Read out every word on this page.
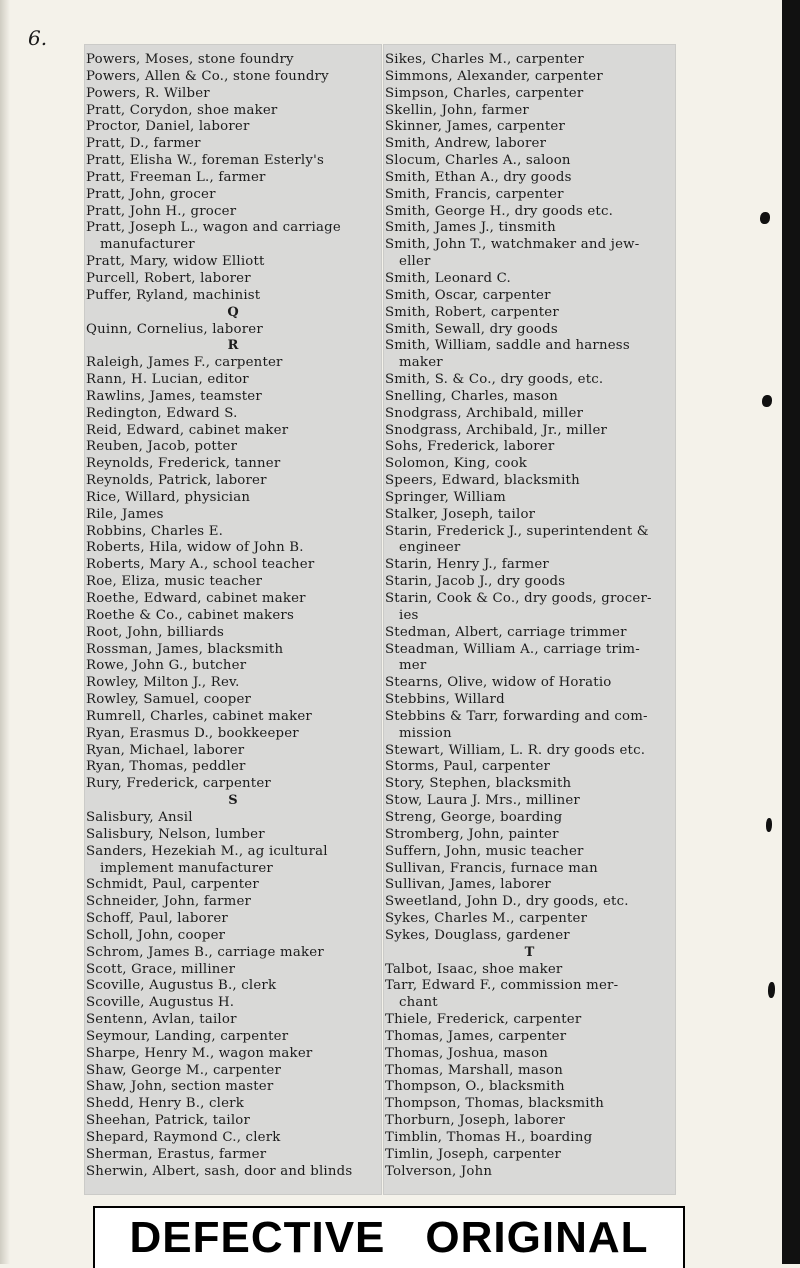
6.
Powers, Moses, stone foundry
Powers, Allen & Co., stone foundry
Powers, R. Wilber
Pratt, Corydon, shoe maker
Proctor, Daniel, laborer
Pratt, D., farmer
Pratt, Elisha W., foreman Esterly's
Pratt, Freeman L., farmer
Pratt, John, grocer
Pratt, John H., grocer
Pratt, Joseph L., wagon and carriage
manufacturer
Pratt, Mary, widow Elliott
Purcell, Robert, laborer
Puffer, Ryland, machinist
Q
Quinn, Cornelius, laborer
R
Raleigh, James F., carpenter
Rann, H. Lucian, editor
Rawlins, James, teamster
Redington, Edward S.
Reid, Edward, cabinet maker
Reuben, Jacob, potter
Reynolds, Frederick, tanner
Reynolds, Patrick, laborer
Rice, Willard, physician
Rile, James
Robbins, Charles E.
Roberts, Hila, widow of John B.
Roberts, Mary A., school teacher
Roe, Eliza, music teacher
Roethe, Edward, cabinet maker
Roethe & Co., cabinet makers
Root, John, billiards
Rossman, James, blacksmith
Rowe, John G., butcher
Rowley, Milton J., Rev.
Rowley, Samuel, cooper
Rumrell, Charles, cabinet maker
Ryan, Erasmus D., bookkeeper
Ryan, Michael, laborer
Ryan, Thomas, peddler
Rury, Frederick, carpenter
S
Salisbury, Ansil
Salisbury, Nelson, lumber
Sanders, Hezekiah M., ag icultural
implement manufacturer
Schmidt, Paul, carpenter
Schneider, John, farmer
Schoff, Paul, laborer
Scholl, John, cooper
Schrom, James B., carriage maker
Scott, Grace, milliner
Scoville, Augustus B., clerk
Scoville, Augustus H.
Sentenn, Avlan, tailor
Seymour, Landing, carpenter
Sharpe, Henry M., wagon maker
Shaw, George M., carpenter
Shaw, John, section master
Shedd, Henry B., clerk
Sheehan, Patrick, tailor
Shepard, Raymond C., clerk
Sherman, Erastus, farmer
Sherwin, Albert, sash, door and blinds
Sikes, Charles M., carpenter
Simmons, Alexander, carpenter
Simpson, Charles, carpenter
Skellin, John, farmer
Skinner, James, carpenter
Smith, Andrew, laborer
Slocum, Charles A., saloon
Smith, Ethan A., dry goods
Smith, Francis, carpenter
Smith, George H., dry goods etc.
Smith, James J., tinsmith
Smith, John T., watchmaker and jew-
eller
Smith, Leonard C.
Smith, Oscar, carpenter
Smith, Robert, carpenter
Smith, Sewall, dry goods
Smith, William, saddle and harness
maker
Smith, S. & Co., dry goods, etc.
Snelling, Charles, mason
Snodgrass, Archibald, miller
Snodgrass, Archibald, Jr., miller
Sohs, Frederick, laborer
Solomon, King, cook
Speers, Edward, blacksmith
Springer, William
Stalker, Joseph, tailor
Starin, Frederick J., superintendent &
engineer
Starin, Henry J., farmer
Starin, Jacob J., dry goods
Starin, Cook & Co., dry goods, grocer-
ies
Stedman, Albert, carriage trimmer
Steadman, William A., carriage trim-
mer
Stearns, Olive, widow of Horatio
Stebbins, Willard
Stebbins & Tarr, forwarding and com-
mission
Stewart, William, L. R. dry goods etc.
Storms, Paul, carpenter
Story, Stephen, blacksmith
Stow, Laura J. Mrs., milliner
Streng, George, boarding
Stromberg, John, painter
Suffern, John, music teacher
Sullivan, Francis, furnace man
Sullivan, James, laborer
Sweetland, John D., dry goods, etc.
Sykes, Charles M., carpenter
Sykes, Douglass, gardener
T
Talbot, Isaac, shoe maker
Tarr, Edward F., commission mer-
chant
Thiele, Frederick, carpenter
Thomas, James, carpenter
Thomas, Joshua, mason
Thomas, Marshall, mason
Thompson, O., blacksmith
Thompson, Thomas, blacksmith
Thorburn, Joseph, laborer
Timblin, Thomas H., boarding
Timlin, Joseph, carpenter
Tolverson, John
DEFECTIVE ORIGINAL
